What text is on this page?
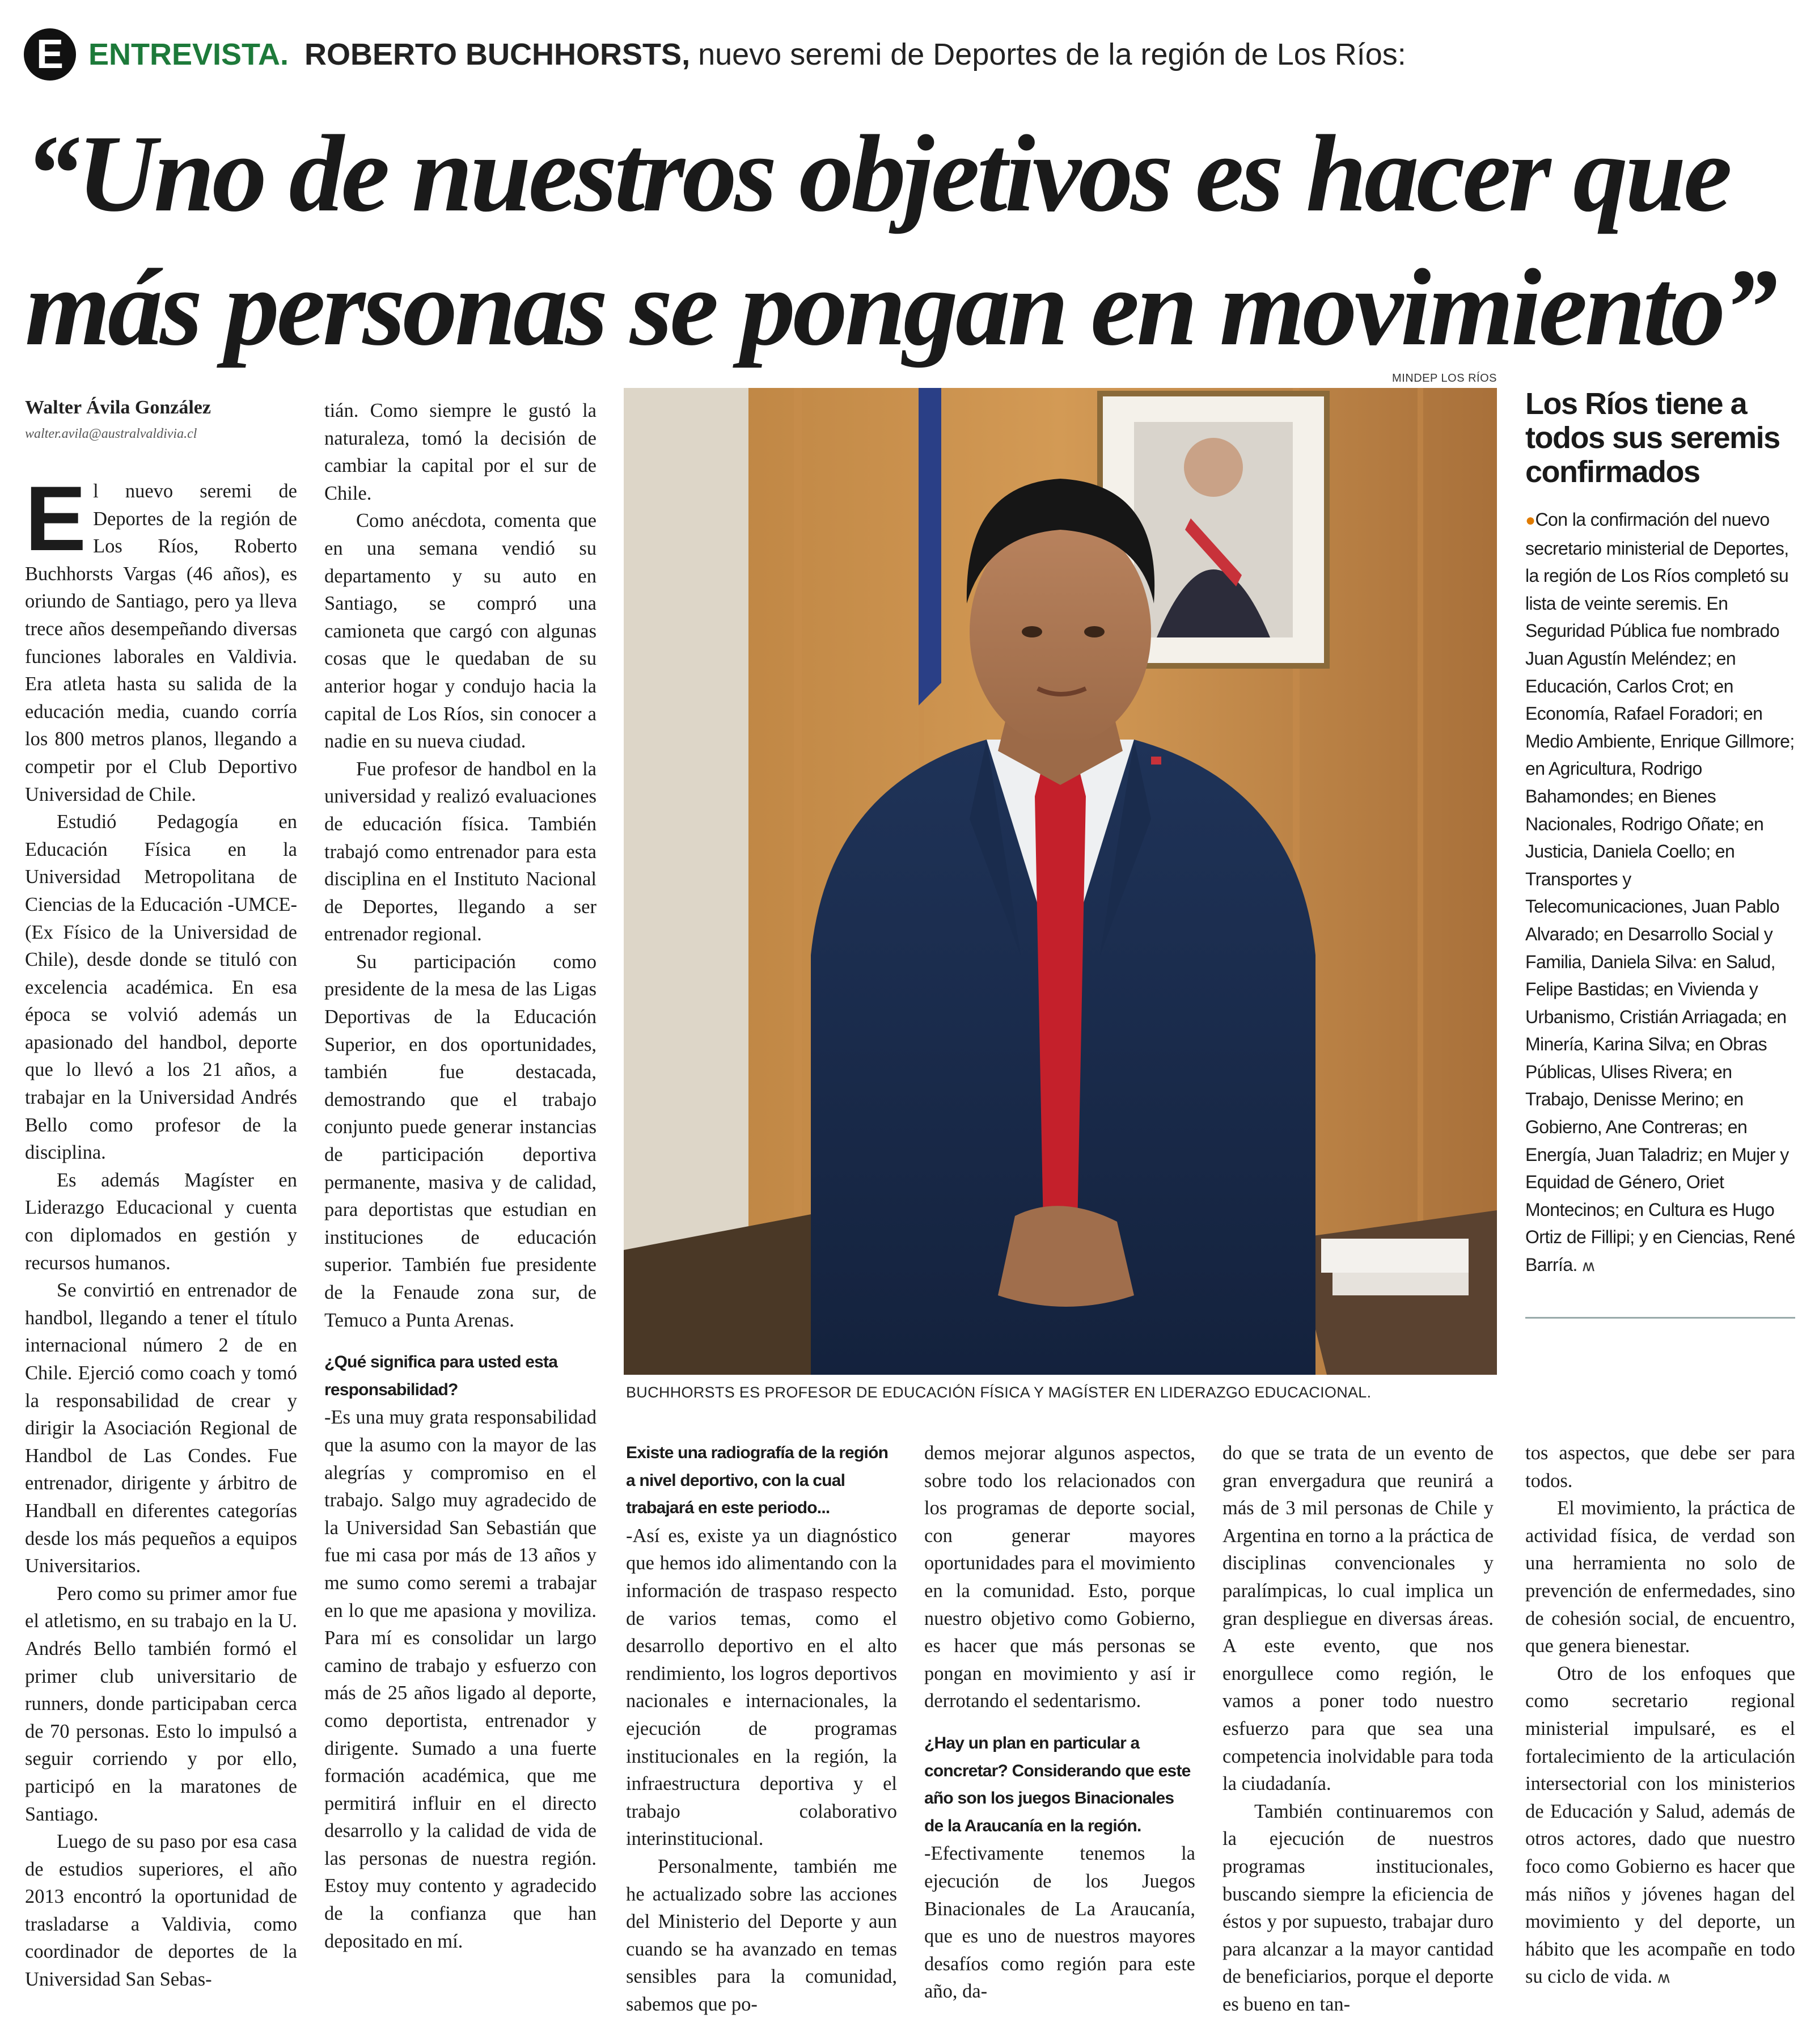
E ENTREVISTA. ROBERTO BUCHHORSTS, nuevo seremi de Deportes de la región de Los Ríos:
“Uno de nuestros objetivos es hacer que más personas se pongan en movimiento”
Walter Ávila González
walter.avila@australvaldivia.cl

El nuevo seremi de Deportes de la región de Los Ríos, Roberto Buchhorsts Vargas (46 años), es oriundo de Santiago, pero ya lleva trece años desempeñando diversas funciones laborales en Valdivia. Era atleta hasta su salida de la educación media, cuando corría los 800 metros planos, llegando a competir por el Club Deportivo Universidad de Chile.

Estudió Pedagogía en Educación Física en la Universidad Metropolitana de Ciencias de la Educación -UMCE- (Ex Físico de la Universidad de Chile), desde donde se tituló con excelencia académica. En esa época se volvió además un apasionado del handbol, deporte que lo llevó a los 21 años, a trabajar en la Universidad Andrés Bello como profesor de la disciplina.

Es además Magíster en Liderazgo Educacional y cuenta con diplomados en gestión y recursos humanos.

Se convirtió en entrenador de handbol, llegando a tener el título internacional número 2 de en Chile. Ejerció como coach y tomó la responsabilidad de crear y dirigir la Asociación Regional de Handbol de Las Condes. Fue entrenador, dirigente y árbitro de Handball en diferentes categorías desde los más pequeños a equipos Universitarios.

Pero como su primer amor fue el atletismo, en su trabajo en la U. Andrés Bello también formó el primer club universitario de runners, donde participaban cerca de 70 personas. Esto lo impulsó a seguir corriendo y por ello, participó en la maratones de Santiago.

Luego de su paso por esa casa de estudios superiores, el año 2013 encontró la oportunidad de trasladarse a Valdivia, como coordinador de deportes de la Universidad San Sebas-

tián. Como siempre le gustó la naturaleza, tomó la decisión de cambiar la capital por el sur de Chile.

Como anécdota, comenta que en una semana vendió su departamento y su auto en Santiago, se compró una camioneta que cargó con algunas cosas que le quedaban de su anterior hogar y condujo hacia la capital de Los Ríos, sin conocer a nadie en su nueva ciudad.

Fue profesor de handbol en la universidad y realizó evaluaciones de educación física. También trabajó como entrenador para esta disciplina en el Instituto Nacional de Deportes, llegando a ser entrenador regional.

Su participación como presidente de la mesa de las Ligas Deportivas de la Educación Superior, en dos oportunidades, también fue destacada, demostrando que el trabajo conjunto puede generar instancias de participación deportiva permanente, masiva y de calidad, para deportistas que estudian en instituciones de educación superior. También fue presidente de la Fenaude zona sur, de Temuco a Punta Arenas.

¿Qué significa para usted esta responsabilidad?

-Es una muy grata responsabilidad que la asumo con la mayor de las alegrías y compromiso en el trabajo. Salgo muy agradecido de la Universidad San Sebastián que fue mi casa por más de 13 años y me sumo como seremi a trabajar en lo que me apasiona y moviliza. Para mí es consolidar un largo camino de trabajo y esfuerzo con más de 25 años ligado al deporte, como deportista, entrenador y dirigente. Sumado a una fuerte formación académica, que me permitirá influir en el directo desarrollo y la calidad de vida de las personas de nuestra región. Estoy muy contento y agradecido de la confianza que han depositado en mí.

MINDEP LOS RÍOS
BUCHHORSTS ES PROFESOR DE EDUCACIÓN FÍSICA Y MAGÍSTER EN LIDERAZGO EDUCACIONAL.

Existe una radiografía de la región a nivel deportivo, con la cual trabajará en este periodo...

-Así es, existe ya un diagnóstico que hemos ido alimentando con la información de traspaso respecto de varios temas, como el desarrollo deportivo en el alto rendimiento, los logros deportivos nacionales e internacionales, la ejecución de programas institucionales en la región, la infraestructura deportiva y el trabajo colaborativo interinstitucional.

Personalmente, también me he actualizado sobre las acciones del Ministerio del Deporte y aun cuando se ha avanzado en temas sensibles para la comunidad, sabemos que po-

demos mejorar algunos aspectos, sobre todo los relacionados con los programas de deporte social, con generar mayores oportunidades para el movimiento en la comunidad. Esto, porque nuestro objetivo como Gobierno, es hacer que más personas se pongan en movimiento y así ir derrotando el sedentarismo.

¿Hay un plan en particular a concretar? Considerando que este año son los juegos Binacionales de la Araucanía en la región.

-Efectivamente tenemos la ejecución de los Juegos Binacionales de La Araucanía, que es uno de nuestros mayores desafíos como región para este año, da-

do que se trata de un evento de gran envergadura que reunirá a más de 3 mil personas de Chile y Argentina en torno a la práctica de disciplinas convencionales y paralímpicas, lo cual implica un gran despliegue en diversas áreas. A este evento, que nos enorgullece como región, le vamos a poner todo nuestro esfuerzo para que sea una competencia inolvidable para toda la ciudadanía.

También continuaremos con la ejecución de nuestros programas institucionales, buscando siempre la eficiencia de éstos y por supuesto, trabajar duro para alcanzar a la mayor cantidad de beneficiarios, porque el deporte es bueno en tan-

tos aspectos, que debe ser para todos.

El movimiento, la práctica de actividad física, de verdad son una herramienta no solo de prevención de enfermedades, sino de cohesión social, de encuentro, que genera bienestar.

Otro de los enfoques que como secretario regional ministerial impulsaré, es el fortalecimiento de la articulación intersectorial con los ministerios de Educación y Salud, además de otros actores, dado que nuestro foco como Gobierno es hacer que más niños y jóvenes hagan del movimiento y del deporte, un hábito que les acompañe en todo su ciclo de vida. ʍ

Los Ríos tiene a todos sus seremis confirmados
●Con la confirmación del nuevo secretario ministerial de Deportes, la región de Los Ríos completó su lista de veinte seremis. En Seguridad Pública fue nombrado Juan Agustín Meléndez; en Educación, Carlos Crot; en Economía, Rafael Foradori; en Medio Ambiente, Enrique Gillmore; en Agricultura, Rodrigo Bahamondes; en Bienes Nacionales, Rodrigo Oñate; en Justicia, Daniela Coello; en Transportes y Telecomunicaciones, Juan Pablo Alvarado; en Desarrollo Social y Familia, Daniela Silva: en Salud, Felipe Bastidas; en Vivienda y Urbanismo, Cristián Arriagada; en Minería, Karina Silva; en Obras Públicas, Ulises Rivera; en Trabajo, Denisse Merino; en Gobierno, Ane Contreras; en Energía, Juan Taladriz; en Mujer y Equidad de Género, Oriet Montecinos; en Cultura es Hugo Ortiz de Fillipi; y en Ciencias, René Barría. ʍ
